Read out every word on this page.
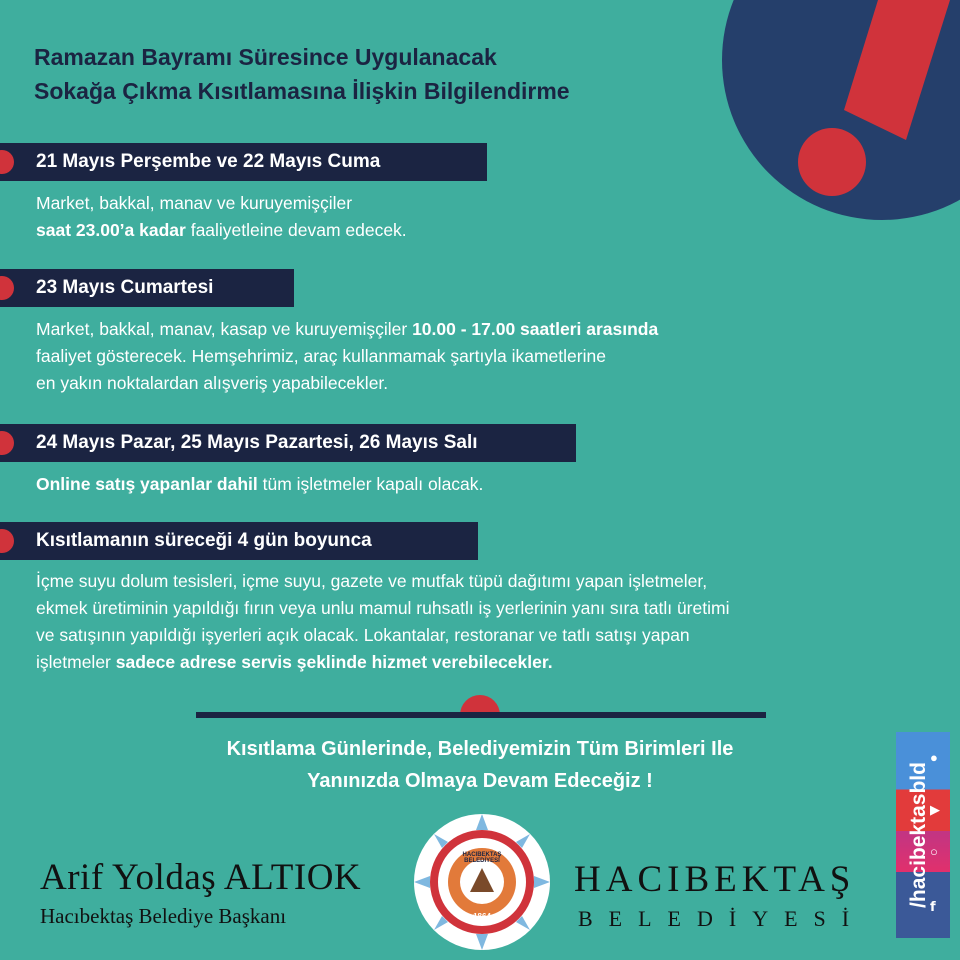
Ramazan Bayramı Süresince Uygulanacak
Sokağa Çıkma Kısıtlamasına İlişkin Bilgilendirme
21 Mayıs Perşembe ve 22 Mayıs Cuma
Market, bakkal, manav ve kuruyemişçiler
saat 23.00’a kadar faaliyetleine devam edecek.
23 Mayıs Cumartesi
Market, bakkal, manav, kasap ve kuruyemişçiler 10.00 - 17.00 saatleri arasında
faaliyet gösterecek. Hemşehrimiz, araç kullanmamak şartıyla ikametlerine
en yakın noktalardan alışveriş yapabilecekler.
24 Mayıs Pazar, 25 Mayıs Pazartesi, 26 Mayıs Salı
Online satış yapanlar dahil tüm işletmeler kapalı olacak.
Kısıtlamanın süreceği 4 gün boyunca
İçme suyu dolum tesisleri, içme suyu, gazete ve mutfak tüpü dağıtımı yapan işletmeler,
ekmek üretiminin yapıldığı fırın veya unlu mamul ruhsatlı iş yerlerinin yanı sıra tatlı üretimi
ve satışının yapıldığı işyerleri açık olacak. Lokantalar, restoranar ve tatlı satışı yapan
işletmeler sadece adrese servis şeklinde hizmet verebilecekler.
Kısıtlama Günlerinde, Belediyemizin Tüm Birimleri Ile
Yanınızda Olmaya Devam Edeceğiz !
Arif Yoldaş ALTIOK
Hacıbektaş Belediye Başkanı
HACIBEKTAŞ BELEDİYESİ
1864
HACIBEKTAŞ
BELEDİYESİ
/hacibektasbld
●
▶
○
f
